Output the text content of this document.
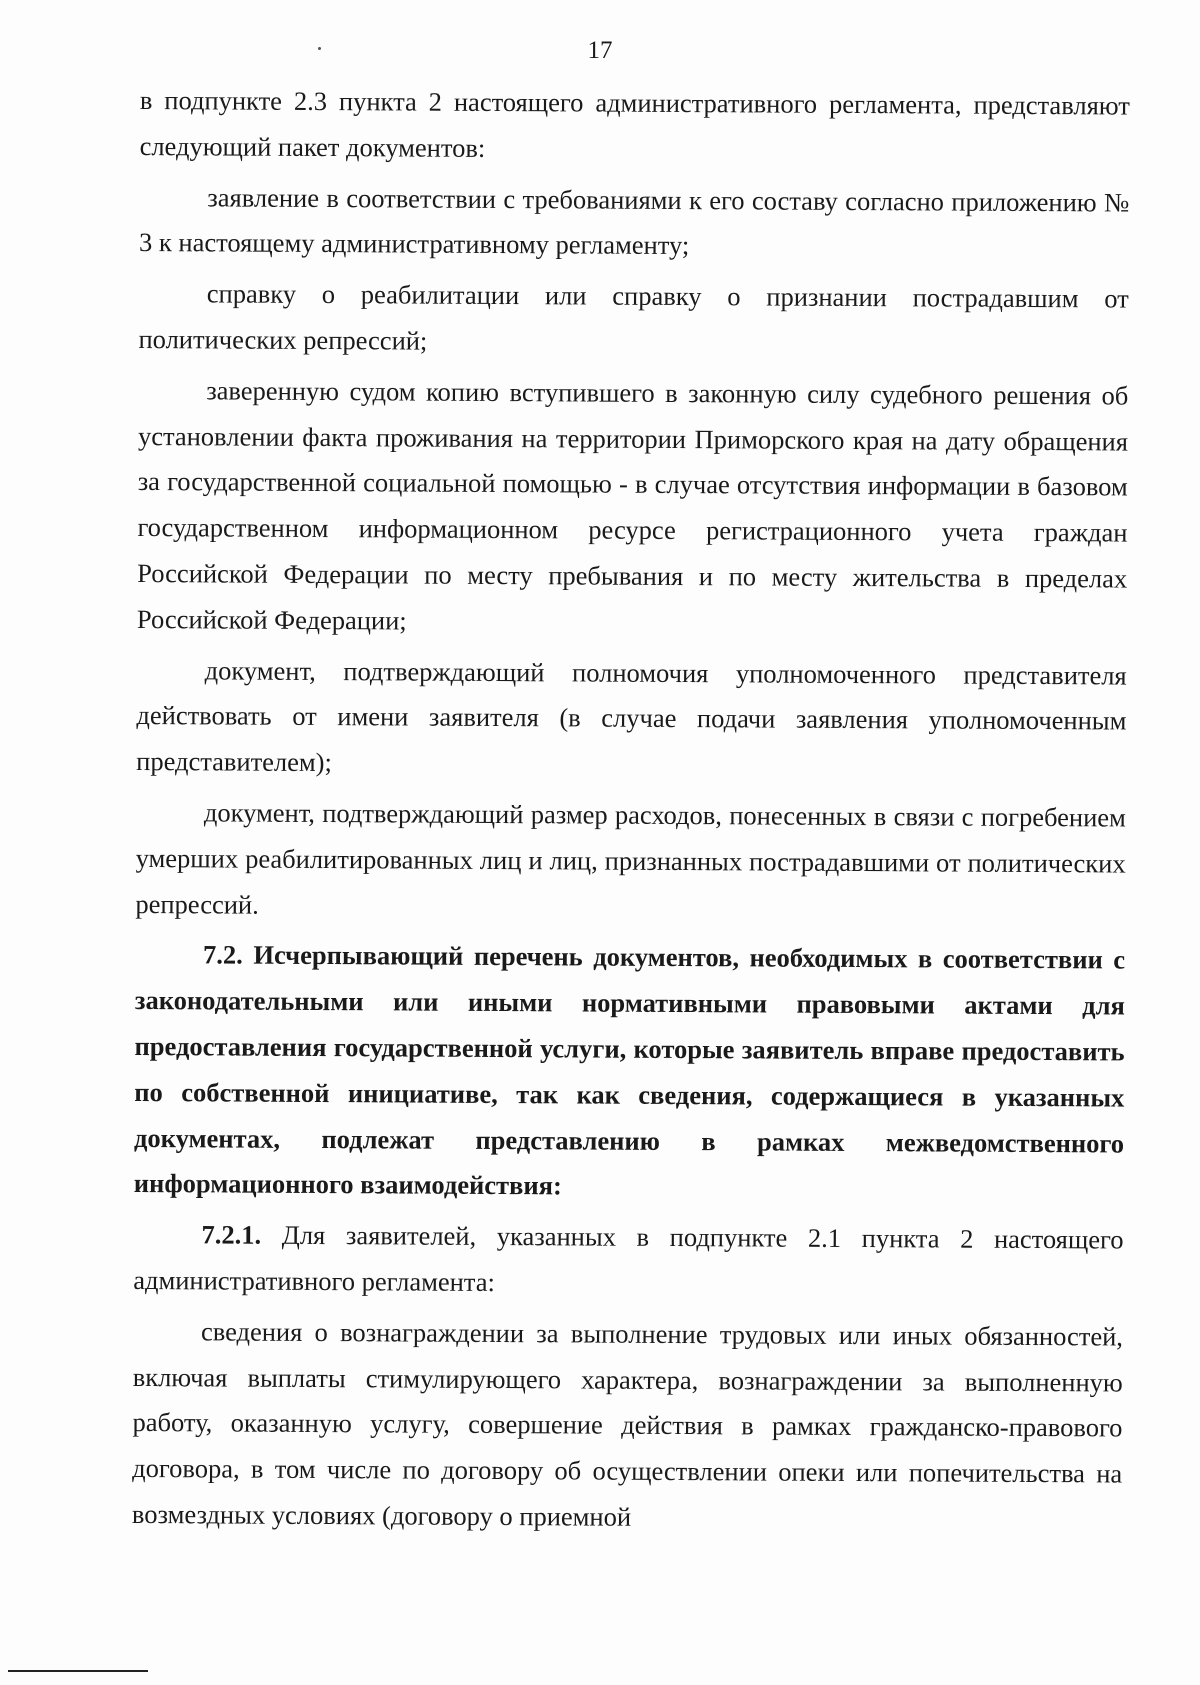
17

в подпункте 2.3 пункта 2 настоящего административного регламента, представляют следующий пакет документов:

заявление в соответствии с требованиями к его составу согласно приложению № 3 к настоящему административному регламенту;

справку о реабилитации или справку о признании пострадавшим от политических репрессий;

заверенную судом копию вступившего в законную силу судебного решения об установлении факта проживания на территории Приморского края на дату обращения за государственной социальной помощью - в случае отсутствия информации в базовом государственном информационном ресурсе регистрационного учета граждан Российской Федерации по месту пребывания и по месту жительства в пределах Российской Федерации;

документ, подтверждающий полномочия уполномоченного представителя действовать от имени заявителя (в случае подачи заявления уполномоченным представителем);

документ, подтверждающий размер расходов, понесенных в связи с погребением умерших реабилитированных лиц и лиц, признанных пострадавшими от политических репрессий.

7.2. Исчерпывающий перечень документов, необходимых в соответствии с законодательными или иными нормативными правовыми актами для предоставления государственной услуги, которые заявитель вправе предоставить по собственной инициативе, так как сведения, содержащиеся в указанных документах, подлежат представлению в рамках межведомственного информационного взаимодействия:

7.2.1. Для заявителей, указанных в подпункте 2.1 пункта 2 настоящего административного регламента:

сведения о вознаграждении за выполнение трудовых или иных обязанностей, включая выплаты стимулирующего характера, вознаграждении за выполненную работу, оказанную услугу, совершение действия в рамках гражданско-правового договора, в том числе по договору об осуществлении опеки или попечительства на возмездных условиях (договору о приемной
